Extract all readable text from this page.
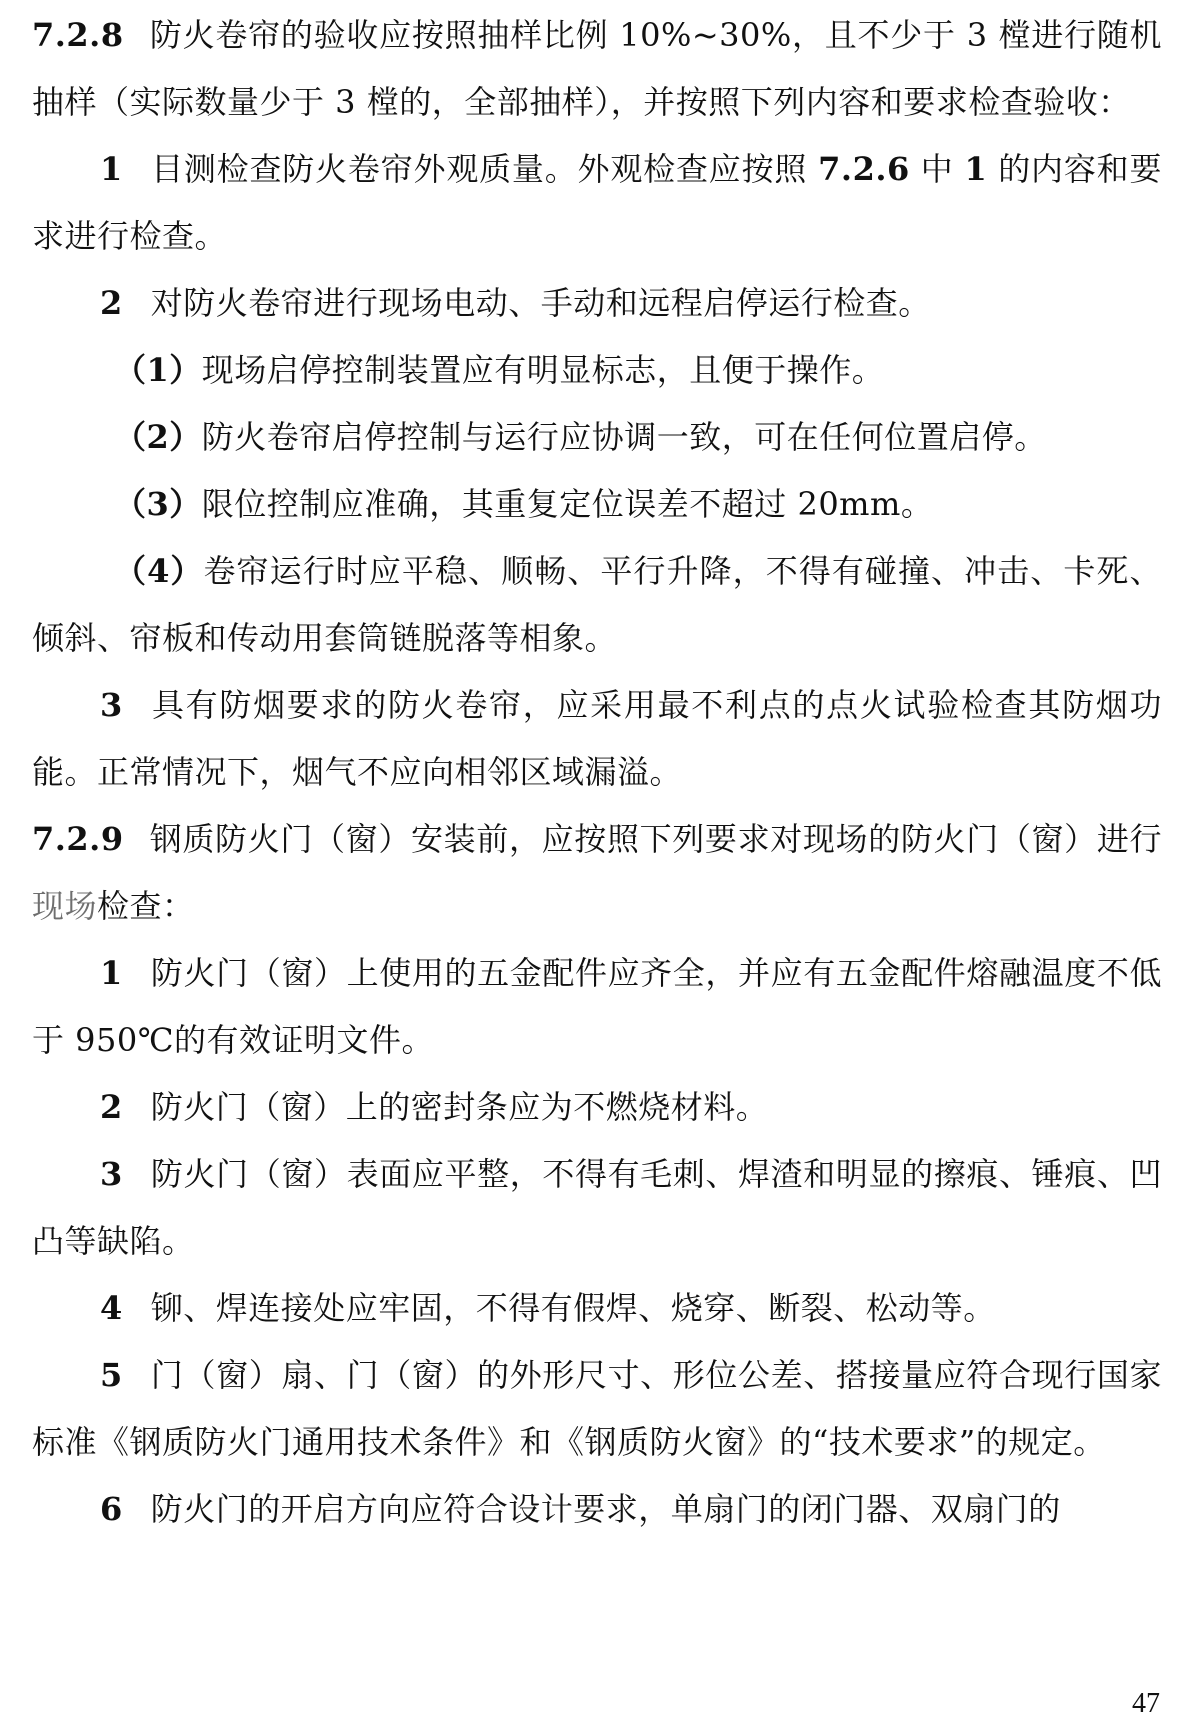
7.2.8 防火卷帘的验收应按照抽样比例 10%~30%，且不少于 3 樘进行随机抽样（实际数量少于 3 樘的，全部抽样），并按照下列内容和要求检查验收：

1 目测检查防火卷帘外观质量。外观检查应按照 7.2.6 中 1 的内容和要求进行检查。

2 对防火卷帘进行现场电动、手动和远程启停运行检查。

（1）现场启停控制装置应有明显标志，且便于操作。

（2）防火卷帘启停控制与运行应协调一致，可在任何位置启停。

（3）限位控制应准确，其重复定位误差不超过 20mm。

（4）卷帘运行时应平稳、顺畅、平行升降，不得有碰撞、冲击、卡死、倾斜、帘板和传动用套筒链脱落等相象。

3 具有防烟要求的防火卷帘，应采用最不利点的点火试验检查其防烟功能。正常情况下，烟气不应向相邻区域漏溢。

7.2.9 钢质防火门（窗）安装前，应按照下列要求对现场的防火门（窗）进行现场检查：

1 防火门（窗）上使用的五金配件应齐全，并应有五金配件熔融温度不低于 950℃的有效证明文件。

2 防火门（窗）上的密封条应为不燃烧材料。

3 防火门（窗）表面应平整，不得有毛刺、焊渣和明显的擦痕、锤痕、凹凸等缺陷。

4 铆、焊连接处应牢固，不得有假焊、烧穿、断裂、松动等。

5 门（窗）扇、门（窗）的外形尺寸、形位公差、搭接量应符合现行国家标准《钢质防火门通用技术条件》和《钢质防火窗》的“技术要求”的规定。

6 防火门的开启方向应符合设计要求，单扇门的闭门器、双扇门的

47
